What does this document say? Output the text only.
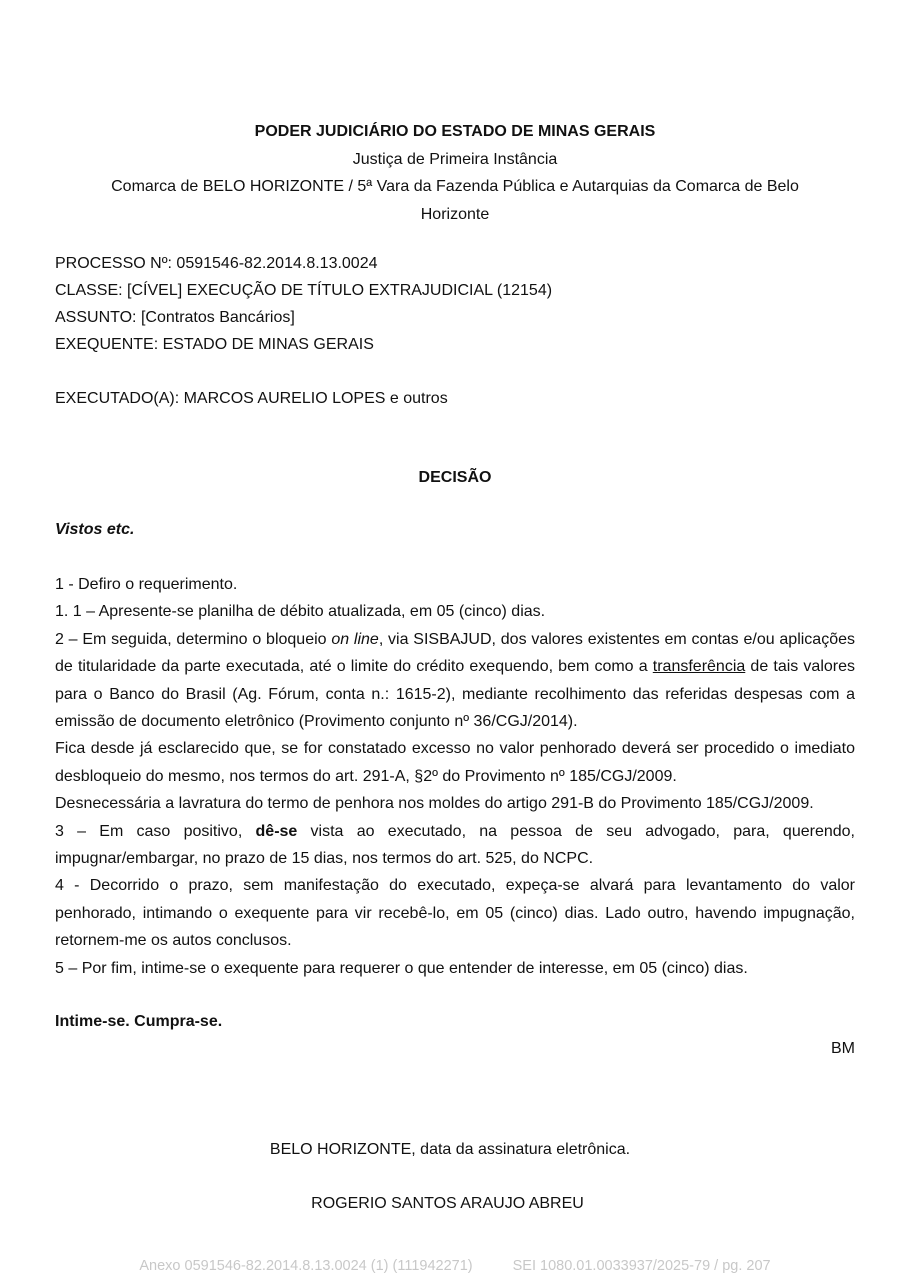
PODER JUDICIÁRIO DO ESTADO DE MINAS GERAIS
Justiça de Primeira Instância
Comarca de BELO HORIZONTE / 5ª Vara da Fazenda Pública e Autarquias da Comarca de Belo
Horizonte
PROCESSO Nº: 0591546-82.2014.8.13.0024
CLASSE: [CÍVEL] EXECUÇÃO DE TÍTULO EXTRAJUDICIAL (12154)
ASSUNTO: [Contratos Bancários]
EXEQUENTE: ESTADO DE MINAS GERAIS
EXECUTADO(A): MARCOS AURELIO LOPES e outros
DECISÃO
Vistos etc.

1 - Defiro o requerimento.

1. 1 – Apresente-se planilha de débito atualizada, em 05 (cinco) dias.

2 – Em seguida, determino o bloqueio on line, via SISBAJUD, dos valores existentes em contas e/ou aplicações de titularidade da parte executada, até o limite do crédito exequendo, bem como a transferência de tais valores para o Banco do Brasil (Ag. Fórum, conta n.: 1615-2), mediante recolhimento das referidas despesas com a emissão de documento eletrônico (Provimento conjunto nº 36/CGJ/2014).

Fica desde já esclarecido que, se for constatado excesso no valor penhorado deverá ser procedido o imediato desbloqueio do mesmo, nos termos do art. 291-A, §2º do Provimento nº 185/CGJ/2009.

Desnecessária a lavratura do termo de penhora nos moldes do artigo 291-B do Provimento 185/CGJ/2009.

3 – Em caso positivo, dê-se vista ao executado, na pessoa de seu advogado, para, querendo, impugnar/embargar, no prazo de 15 dias, nos termos do art. 525, do NCPC.

4 - Decorrido o prazo, sem manifestação do executado, expeça-se alvará para levantamento do valor penhorado, intimando o exequente para vir recebê-lo, em 05 (cinco) dias. Lado outro, havendo impugnação, retornem-me os autos conclusos.

5 – Por fim, intime-se o exequente para requerer o que entender de interesse, em 05 (cinco) dias.

Intime-se. Cumpra-se.
BM
BELO HORIZONTE, data da assinatura eletrônica.
ROGERIO SANTOS ARAUJO ABREU
Anexo 0591546-82.2014.8.13.0024 (1) (111942271)	SEI 1080.01.0033937/2025-79 / pg. 207
